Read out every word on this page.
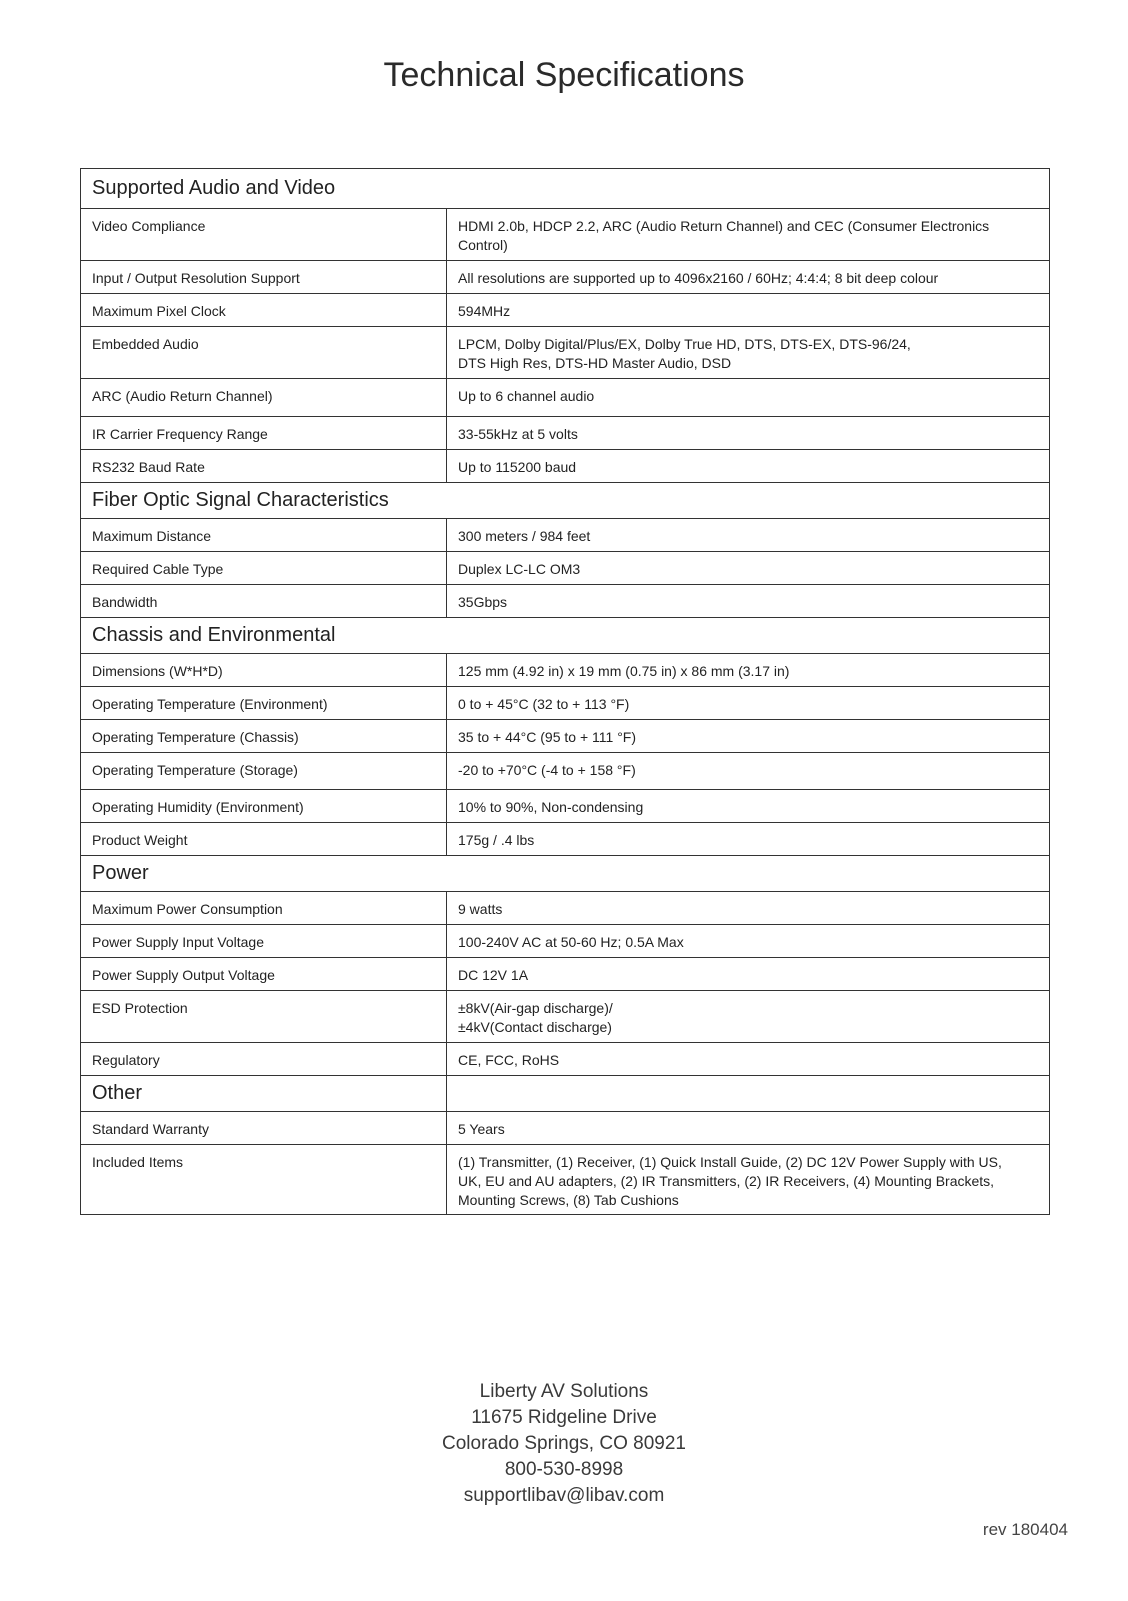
Technical Specifications
Supported Audio and Video	
Video Compliance	HDMI 2.0b, HDCP 2.2, ARC (Audio Return Channel) and CEC (Consumer Electronics
Control)

Input / Output Resolution Support	All resolutions are supported up to 4096x2160 / 60Hz; 4:4:4; 8 bit deep colour

Maximum Pixel Clock	594MHz

Embedded Audio	LPCM, Dolby Digital/Plus/EX, Dolby True HD, DTS, DTS-EX, DTS-96/24,
DTS High Res, DTS-HD Master Audio, DSD

ARC (Audio Return Channel)	Up to 6 channel audio

IR Carrier Frequency Range	33-55kHz at 5 volts

RS232 Baud Rate	Up to 115200 baud

Fiber Optic Signal Characteristics	
Maximum Distance	300 meters / 984 feet

Required Cable Type	Duplex LC-LC OM3

Bandwidth	35Gbps

Chassis and Environmental	
Dimensions (W*H*D)	125 mm (4.92 in) x 19 mm (0.75 in) x 86 mm (3.17 in)

Operating Temperature (Environment)	0 to + 45°C (32 to + 113 °F)

Operating Temperature (Chassis)	35 to + 44°C (95 to + 111 °F)

Operating Temperature (Storage)	-20 to +70°C (-4 to + 158 °F)

Operating Humidity (Environment)	10% to 90%, Non-condensing

Product Weight	175g / .4 lbs

Power	
Maximum Power Consumption	9 watts

Power Supply Input Voltage	100-240V AC at 50-60 Hz; 0.5A Max

Power Supply Output Voltage	DC 12V 1A

ESD Protection	±8kV(Air-gap discharge)/
±4kV(Contact discharge)

Regulatory	CE, FCC, RoHS

Other	
Standard Warranty	5 Years

Included Items	(1) Transmitter, (1) Receiver, (1) Quick Install Guide, (2) DC 12V Power Supply with US,
UK, EU and AU adapters, (2) IR Transmitters, (2) IR Receivers, (4) Mounting Brackets,
Mounting Screws, (8) Tab Cushions
Liberty AV Solutions
11675 Ridgeline Drive
Colorado Springs, CO 80921
800-530-8998
supportlibav@libav.com
rev 180404
